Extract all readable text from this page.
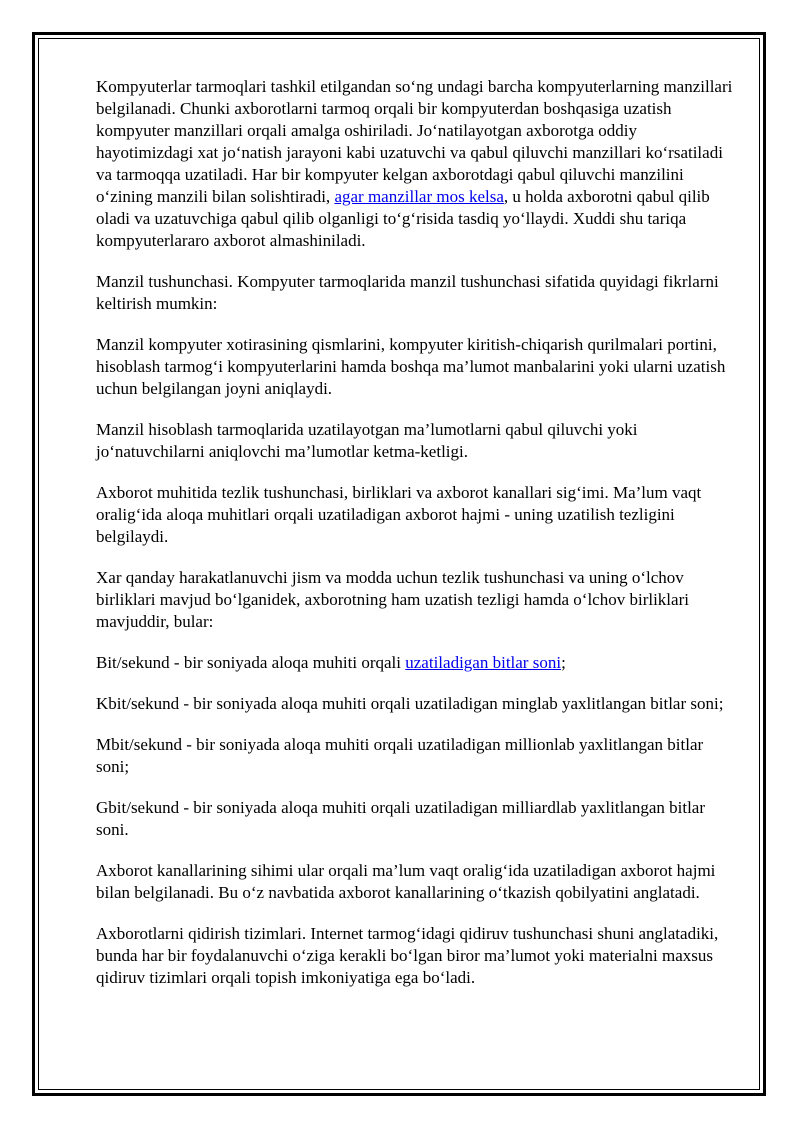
Kompyuterlar tarmoqlari tashkil etilgandan so‘ng undagi barcha kompyuterlarning manzillari belgilanadi. Chunki axborotlarni tarmoq orqali bir kompyuterdan boshqasiga uzatish kompyuter manzillari orqali amalga oshiriladi. Jo‘natilayotgan axborotga oddiy hayotimizdagi xat jo‘natish jarayoni kabi uzatuvchi va qabul qiluvchi manzillari ko‘rsatiladi va tarmoqqa uzatiladi. Har bir kompyuter kelgan axborotdagi qabul qiluvchi manzilini o‘zining manzili bilan solishtiradi, agar manzillar mos kelsa, u holda axborotni qabul qilib oladi va uzatuvchiga qabul qilib olganligi to‘g‘risida tasdiq yo‘llaydi. Xuddi shu tariqa kompyuterlararo axborot almashiniladi.

Manzil tushunchasi. Kompyuter tarmoqlarida manzil tushunchasi sifatida quyidagi fikrlarni keltirish mumkin:

Manzil kompyuter xotirasining qismlarini, kompyuter kiritish-chiqarish qurilmalari portini, hisoblash tarmog‘i kompyuterlarini hamda boshqa ma’lumot manbalarini yoki ularni uzatish uchun belgilangan joyni aniqlaydi.

Manzil hisoblash tarmoqlarida uzatilayotgan ma’lumotlarni qabul qiluvchi yoki jo‘natuvchilarni aniqlovchi ma’lumotlar ketma-ketligi.

Axborot muhitida tezlik tushunchasi, birliklari va axborot kanallari sig‘imi. Ma’lum vaqt oralig‘ida aloqa muhitlari orqali uzatiladigan axborot hajmi - uning uzatilish tezligini belgilaydi.

Xar qanday harakatlanuvchi jism va modda uchun tezlik tushunchasi va uning o‘lchov birliklari mavjud bo‘lganidek, axborotning ham uzatish tezligi hamda o‘lchov birliklari mavjuddir, bular:

Bit/sekund - bir soniyada aloqa muhiti orqali uzatiladigan bitlar soni;

Kbit/sekund - bir soniyada aloqa muhiti orqali uzatiladigan minglab yaxlitlangan bitlar soni;

Mbit/sekund - bir soniyada aloqa muhiti orqali uzatiladigan millionlab yaxlitlangan bitlar soni;

Gbit/sekund - bir soniyada aloqa muhiti orqali uzatiladigan milliardlab yaxlitlangan bitlar soni.

Axborot kanallarining sihimi ular orqali ma’lum vaqt oralig‘ida uzatiladigan axborot hajmi bilan belgilanadi. Bu o‘z navbatida axborot kanallarining o‘tkazish qobilyatini anglatadi.

Axborotlarni qidirish tizimlari. Internet tarmog‘idagi qidiruv tushunchasi shuni anglatadiki, bunda har bir foydalanuvchi o‘ziga kerakli bo‘lgan biror ma’lumot yoki materialni maxsus qidiruv tizimlari orqali topish imkoniyatiga ega bo‘ladi.
